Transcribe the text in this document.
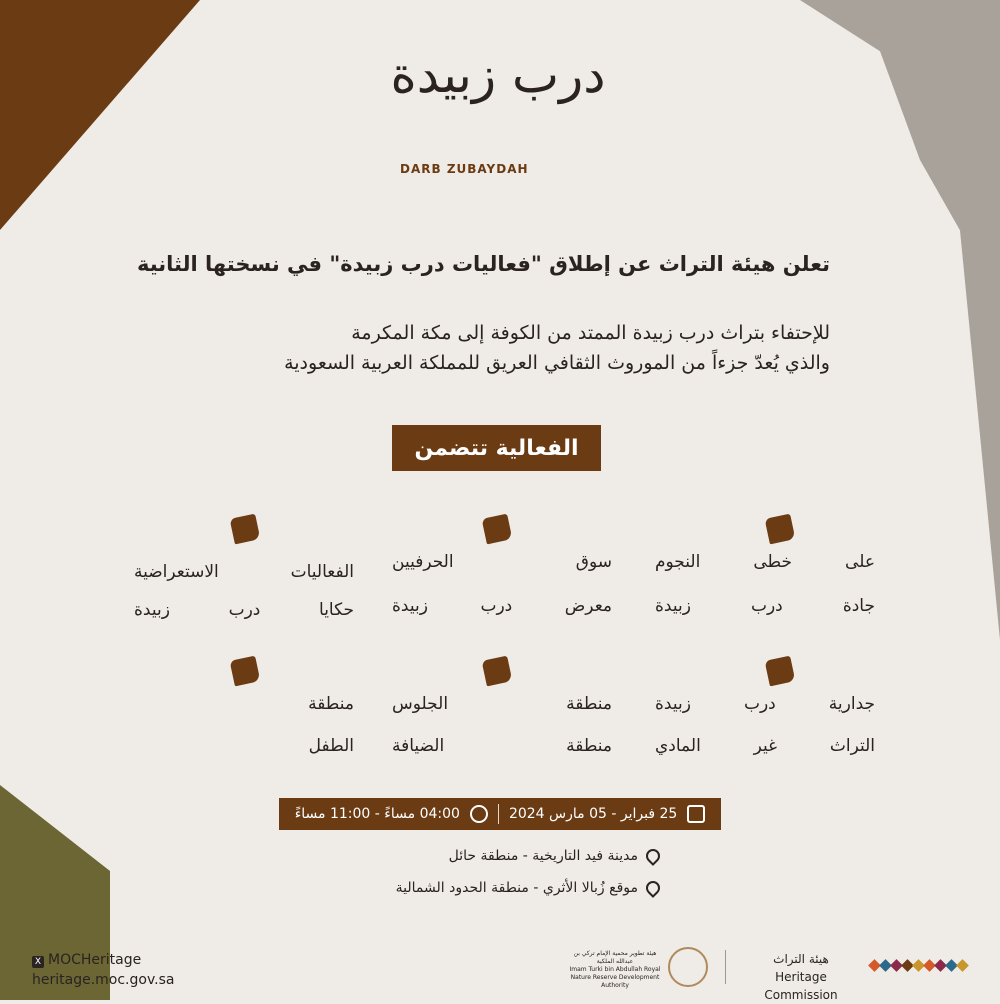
درب زبيدة
DARB ZUBAYDAH
تعلن هيئة التراث عن إطلاق "فعاليات درب زبيدة" في نسختها الثانية
للإحتفاء بتراث درب زبيدة الممتد من الكوفة إلى مكة المكرمة
والذي يُعدّ جزءاً من الموروث الثقافي العريق للمملكة العربية السعودية
الفعالية تتضمن
على خطى النجوم
جادة درب زبيدة
سوق الحرفيين
معرض درب زبيدة
الفعاليات الاستعراضية
حكايا درب زبيدة
جدارية درب زبيدة
التراث غير المادي
منطقة الجلوس
منطقة الضيافة
منطقة
الطفل
25 فبراير - 05 مارس 2024
04:00 مساءً - 11:00 مساءً
مدينة فيد التاريخية - منطقة حائل
موقع زُبالا الأثري - منطقة الحدود الشمالية
X MOCHeritage
heritage.moc.gov.sa
هيئة تطوير محمية الإمام تركي بن عبدالله الملكية
Imam Turki bin Abdullah Royal Nature Reserve Development Authority
هيئة التراث
Heritage Commission
